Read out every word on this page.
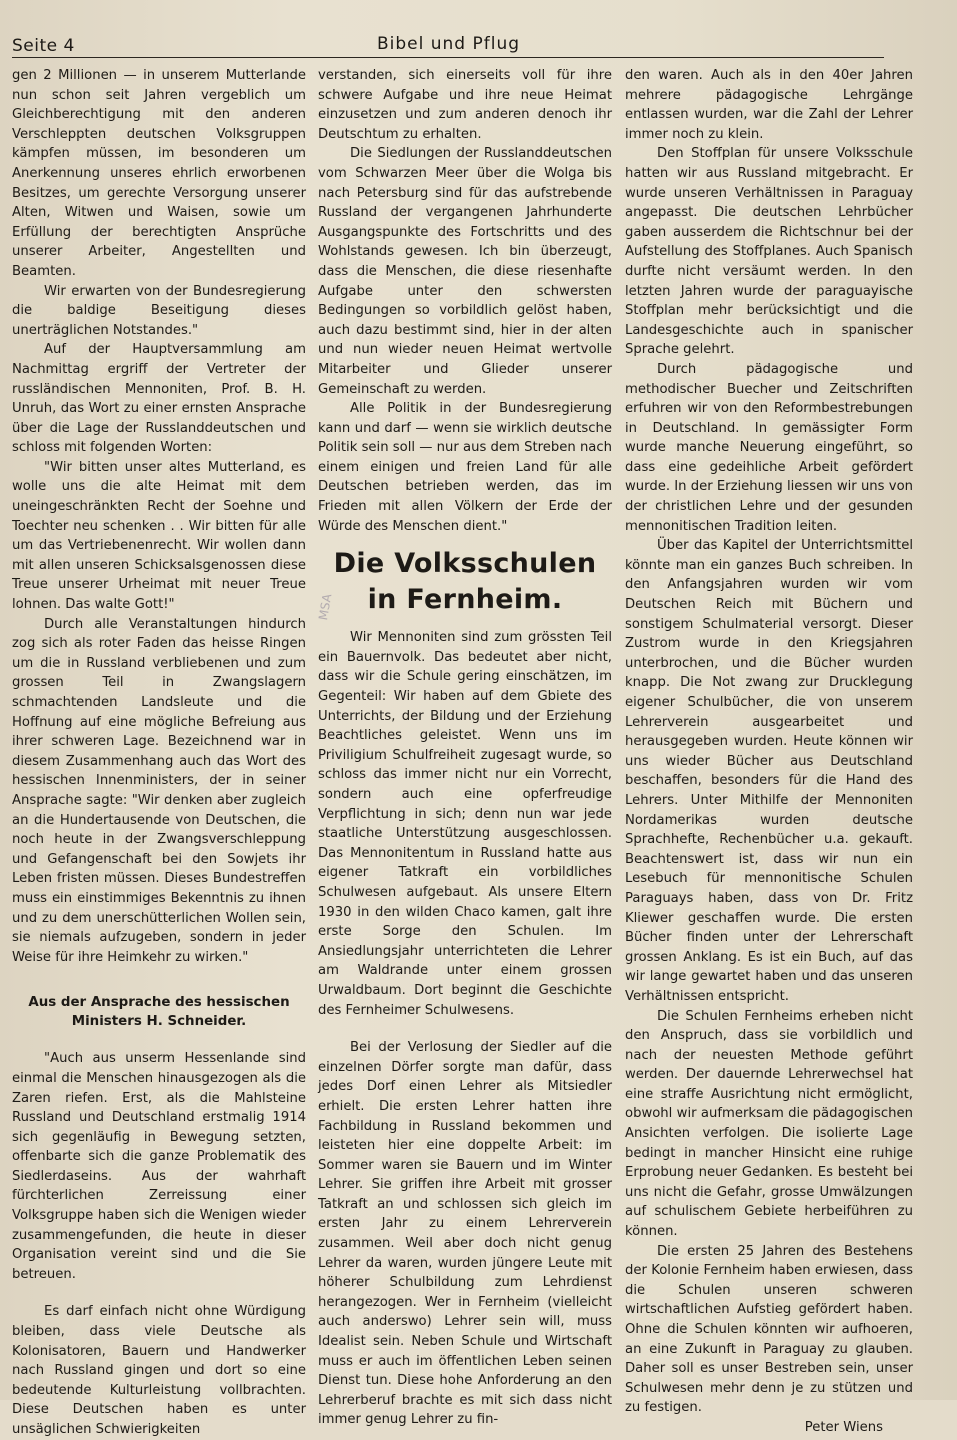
Seite 4	Bibel und Pflug
MSA

gen 2 Millionen — in unserem Mutterlande nun schon seit Jahren vergeblich um Gleichberechtigung mit den anderen Verschleppten deutschen Volksgruppen kämpfen müssen, im besonderen um Anerkennung unseres ehrlich erworbenen Besitzes, um gerechte Versorgung unserer Alten, Witwen und Waisen, sowie um Erfüllung der berechtigten Ansprüche unserer Arbeiter, Angestellten und Beamten.

Wir erwarten von der Bundesregierung die baldige Beseitigung dieses unerträglichen Notstandes."

Auf der Hauptversammlung am Nachmittag ergriff der Vertreter der russländischen Mennoniten, Prof. B. H. Unruh, das Wort zu einer ernsten Ansprache über die Lage der Russlanddeutschen und schloss mit folgenden Worten:

"Wir bitten unser altes Mutterland, es wolle uns die alte Heimat mit dem uneingeschränkten Recht der Soehne und Toechter neu schenken . . Wir bitten für alle um das Vertriebenenrecht. Wir wollen dann mit allen unseren Schicksalsgenossen diese Treue unserer Urheimat mit neuer Treue lohnen. Das walte Gott!"

Durch alle Veranstaltungen hindurch zog sich als roter Faden das heisse Ringen um die in Russland verbliebenen und zum grossen Teil in Zwangslagern schmachtenden Landsleute und die Hoffnung auf eine mögliche Befreiung aus ihrer schweren Lage. Bezeichnend war in diesem Zusammenhang auch das Wort des hessischen Innenministers, der in seiner Ansprache sagte: "Wir denken aber zugleich an die Hundertausende von Deutschen, die noch heute in der Zwangsverschleppung und Gefangenschaft bei den Sowjets ihr Leben fristen müssen. Dieses Bundestreffen muss ein einstimmiges Bekenntnis zu ihnen und zu dem unerschütterlichen Wollen sein, sie niemals aufzugeben, sondern in jeder Weise für ihre Heimkehr zu wirken."

Aus der Ansprache des hessischen Ministers H. Schneider.

"Auch aus unserm Hessenlande sind einmal die Menschen hinausgezogen als die Zaren riefen. Erst, als die Mahlsteine Russland und Deutschland erstmalig 1914 sich gegenläufig in Bewegung setzten, offenbarte sich die ganze Problematik des Siedlerdaseins. Aus der wahrhaft fürchterlichen Zerreissung einer Volksgruppe haben sich die Wenigen wieder zusammengefunden, die heute in dieser Organisation vereint sind und die Sie betreuen.

Es darf einfach nicht ohne Würdigung bleiben, dass viele Deutsche als Kolonisatoren, Bauern und Handwerker nach Russland gingen und dort so eine bedeutende Kulturleistung vollbrachten. Diese Deutschen haben es unter unsäglichen Schwierigkeiten

verstanden, sich einerseits voll für ihre schwere Aufgabe und ihre neue Heimat einzusetzen und zum anderen denoch ihr Deutschtum zu erhalten.

Die Siedlungen der Russlanddeutschen vom Schwarzen Meer über die Wolga bis nach Petersburg sind für das aufstrebende Russland der vergangenen Jahrhunderte Ausgangspunkte des Fortschritts und des Wohlstands gewesen. Ich bin überzeugt, dass die Menschen, die diese riesenhafte Aufgabe unter den schwersten Bedingungen so vorbildlich gelöst haben, auch dazu bestimmt sind, hier in der alten und nun wieder neuen Heimat wertvolle Mitarbeiter und Glieder unserer Gemeinschaft zu werden.

Alle Politik in der Bundesregierung kann und darf — wenn sie wirklich deutsche Politik sein soll — nur aus dem Streben nach einem einigen und freien Land für alle Deutschen betrieben werden, das im Frieden mit allen Völkern der Erde der Würde des Menschen dient."

Die Volksschulen
in Fernheim.

Wir Mennoniten sind zum grössten Teil ein Bauernvolk. Das bedeutet aber nicht, dass wir die Schule gering einschätzen, im Gegenteil: Wir haben auf dem Gbiete des Unterrichts, der Bildung und der Erziehung Beachtliches geleistet. Wenn uns im Priviligium Schulfreiheit zugesagt wurde, so schloss das immer nicht nur ein Vorrecht, sondern auch eine opferfreudige Verpflichtung in sich; denn nun war jede staatliche Unterstützung ausgeschlossen. Das Mennonitentum in Russland hatte aus eigener Tatkraft ein vorbildliches Schulwesen aufgebaut. Als unsere Eltern 1930 in den wilden Chaco kamen, galt ihre erste Sorge den Schulen. Im Ansiedlungsjahr unterrichteten die Lehrer am Waldrande unter einem grossen Urwaldbaum. Dort beginnt die Geschichte des Fernheimer Schulwesens.

Bei der Verlosung der Siedler auf die einzelnen Dörfer sorgte man dafür, dass jedes Dorf einen Lehrer als Mitsiedler erhielt. Die ersten Lehrer hatten ihre Fachbildung in Russland bekommen und leisteten hier eine doppelte Arbeit: im Sommer waren sie Bauern und im Winter Lehrer. Sie griffen ihre Arbeit mit grosser Tatkraft an und schlossen sich gleich im ersten Jahr zu einem Lehrerverein zusammen. Weil aber doch nicht genug Lehrer da waren, wurden jüngere Leute mit höherer Schulbildung zum Lehrdienst herangezogen. Wer in Fernheim (vielleicht auch anderswo) Lehrer sein will, muss Idealist sein. Neben Schule und Wirtschaft muss er auch im öffentlichen Leben seinen Dienst tun. Diese hohe Anforderung an den Lehrerberuf brachte es mit sich dass nicht immer genug Lehrer zu fin-

den waren. Auch als in den 40er Jahren mehrere pädagogische Lehrgänge entlassen wurden, war die Zahl der Lehrer immer noch zu klein.

Den Stoffplan für unsere Volksschule hatten wir aus Russland mitgebracht. Er wurde unseren Verhältnissen in Paraguay angepasst. Die deutschen Lehrbücher gaben ausserdem die Richtschnur bei der Aufstellung des Stoffplanes. Auch Spanisch durfte nicht versäumt werden. In den letzten Jahren wurde der paraguayische Stoffplan mehr berücksichtigt und die Landesgeschichte auch in spanischer Sprache gelehrt.

Durch pädagogische und methodischer Buecher und Zeitschriften erfuhren wir von den Reformbestrebungen in Deutschland. In gemässigter Form wurde manche Neuerung eingeführt, so dass eine gedeihliche Arbeit gefördert wurde. In der Erziehung liessen wir uns von der christlichen Lehre und der gesunden mennonitischen Tradition leiten.

Über das Kapitel der Unterrichtsmittel könnte man ein ganzes Buch schreiben. In den Anfangsjahren wurden wir vom Deutschen Reich mit Büchern und sonstigem Schulmaterial versorgt. Dieser Zustrom wurde in den Kriegsjahren unterbrochen, und die Bücher wurden knapp. Die Not zwang zur Drucklegung eigener Schulbücher, die von unserem Lehrerverein ausgearbeitet und herausgegeben wurden. Heute können wir uns wieder Bücher aus Deutschland beschaffen, besonders für die Hand des Lehrers. Unter Mithilfe der Mennoniten Nordamerikas wurden deutsche Sprachhefte, Rechenbücher u.a. gekauft. Beachtenswert ist, dass wir nun ein Lesebuch für mennonitische Schulen Paraguays haben, dass von Dr. Fritz Kliewer geschaffen wurde. Die ersten Bücher finden unter der Lehrerschaft grossen Anklang. Es ist ein Buch, auf das wir lange gewartet haben und das unseren Verhältnissen entspricht.

Die Schulen Fernheims erheben nicht den Anspruch, dass sie vorbildlich und nach der neuesten Methode geführt werden. Der dauernde Lehrerwechsel hat eine straffe Ausrichtung nicht ermöglicht, obwohl wir aufmerksam die pädagogischen Ansichten verfolgen. Die isolierte Lage bedingt in mancher Hinsicht eine ruhige Erprobung neuer Gedanken. Es besteht bei uns nicht die Gefahr, grosse Umwälzungen auf schulischem Gebiete herbeiführen zu können.

Die ersten 25 Jahren des Bestehens der Kolonie Fernheim haben erwiesen, dass die Schulen unseren schweren wirtschaftlichen Aufstieg gefördert haben. Ohne die Schulen könnten wir aufhoeren, an eine Zukunft in Paraguay zu glauben. Daher soll es unser Bestreben sein, unser Schulwesen mehr denn je zu stützen und zu festigen.

Peter Wiens
